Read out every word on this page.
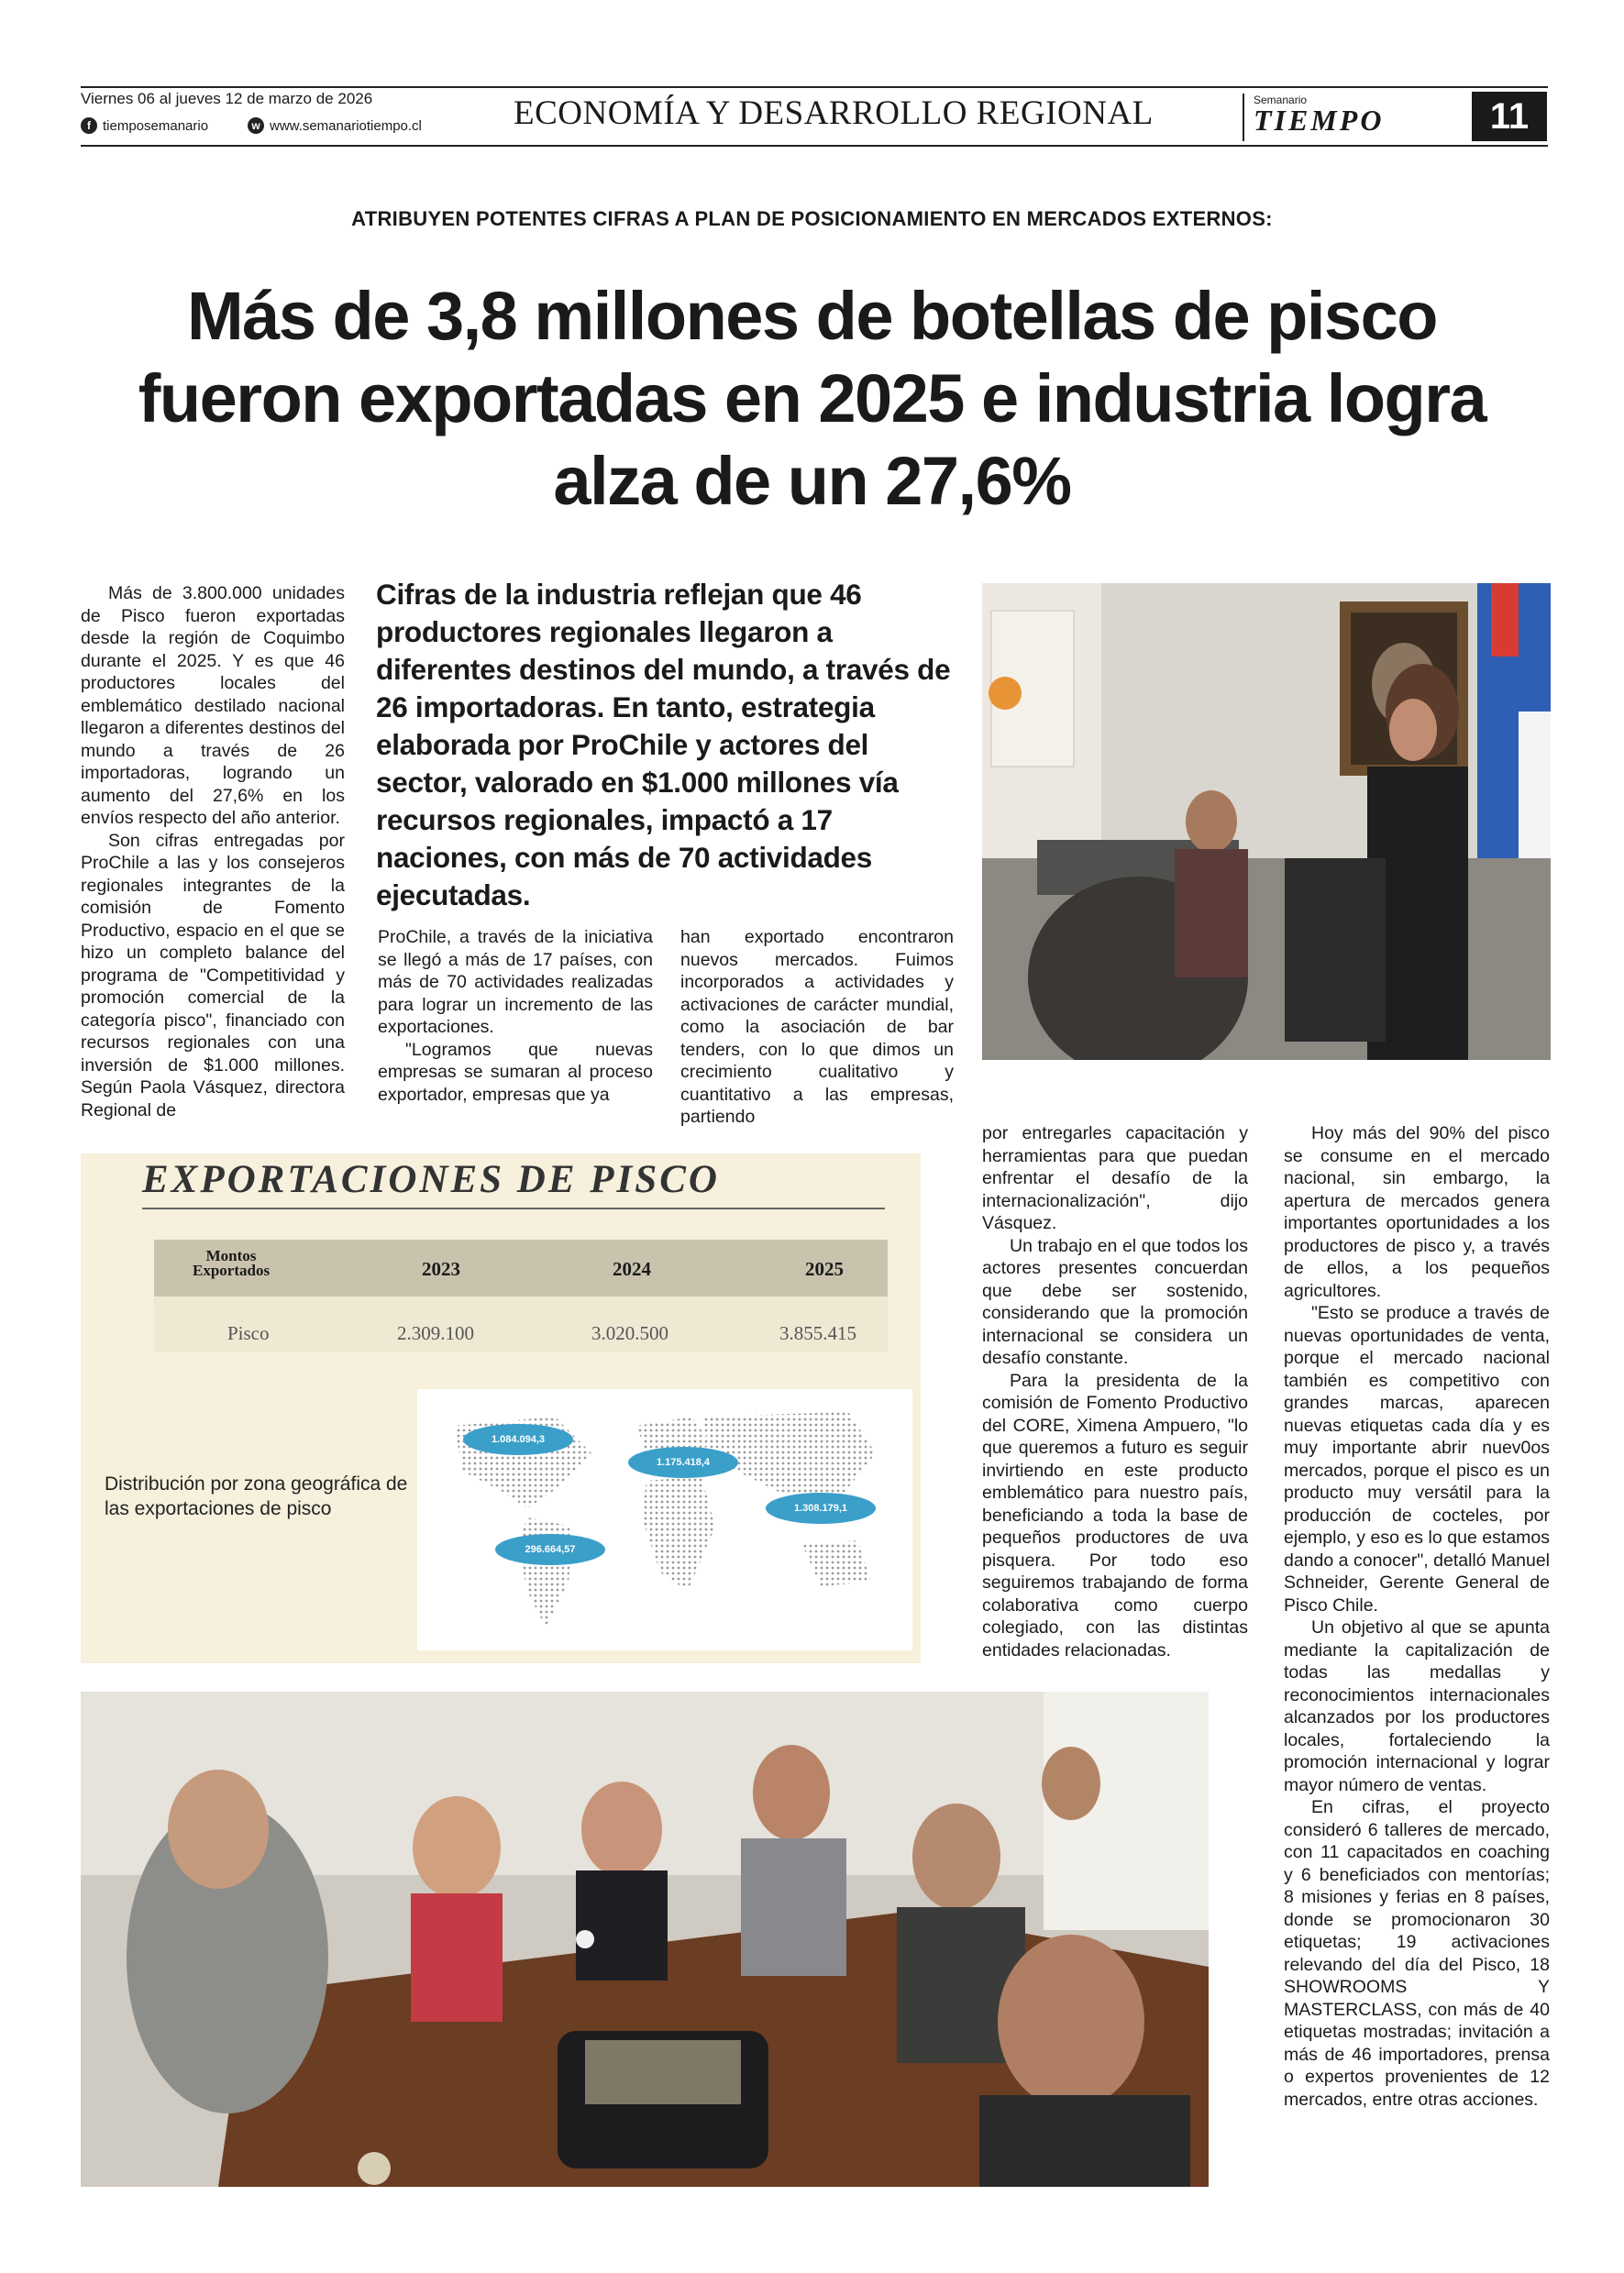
Viernes 06 al jueves 12 de marzo de 2026
f tiemposemanario	w www.semanariotiempo.cl	ECONOMÍA Y DESARROLLO REGIONAL	Semanario
TIEMPO	11
ATRIBUYEN POTENTES CIFRAS A PLAN DE POSICIONAMIENTO EN MERCADOS EXTERNOS:
Más de 3,8 millones de botellas de pisco fueron exportadas en 2025 e industria logra alza de un 27,6%

Más de 3.800.000 unidades de Pisco fueron exportadas desde la región de Coquimbo durante el 2025. Y es que 46 productores locales del emblemático destilado nacional llegaron a diferentes destinos del mundo a través de 26 importadoras, logrando un aumento del 27,6% en los envíos respecto del año anterior.

Son cifras entregadas por ProChile a las y los consejeros regionales integrantes de la comisión de Fomento Productivo, espacio en el que se hizo un completo balance del programa de "Competitividad y promoción comercial de la categoría pisco", financiado con recursos regionales con una inversión de $1.000 millones. Según Paola Vásquez, directora Regional de

Cifras de la industria reflejan que 46 productores regionales llegaron a diferentes destinos del mundo, a través de 26 importadoras. En tanto, estrategia elaborada por ProChile y actores del sector, valorado en $1.000 millones vía recursos regionales, impactó a 17 naciones, con más de 70 actividades ejecutadas.

ProChile, a través de la iniciativa se llegó a más de 17 países, con más de 70 actividades realizadas para lograr un incremento de las exportaciones.

"Logramos que nuevas empresas se sumaran al proceso exportador, empresas que ya

han exportado encontraron nuevos mercados. Fuimos incorporados a actividades y activaciones de carácter mundial, como la asociación de bar tenders, con lo que dimos un crecimiento cualitativo y cuantitativo a las empresas, partiendo

EXPORTACIONES DE PISCO
Montos
Exportados	2023	2024	2025
Pisco	2.309.100	3.020.500	3.855.415
Distribución por zona geográfica de las exportaciones de pisco
1.084.094,3
1.175.418,4
1.308.179,1
296.664,57

por entregarles capacitación y herramientas para que puedan enfrentar el desafío de la internacionalización", dijo Vásquez.

Un trabajo en el que todos los actores presentes concuerdan que debe ser sostenido, considerando que la promoción internacional se considera un desafío constante.

Para la presidenta de la comisión de Fomento Productivo del CORE, Ximena Ampuero, "lo que queremos a futuro es seguir invirtiendo en este producto emblemático para nuestro país, beneficiando a toda la base de pequeños productores de uva pisquera. Por todo eso seguiremos trabajando de forma colaborativa como cuerpo colegiado, con las distintas entidades relacionadas.

Hoy más del 90% del pisco se consume en el mercado nacional, sin embargo, la apertura de mercados genera importantes oportunidades a los productores de pisco y, a través de ellos, a los pequeños agricultores.

"Esto se produce a través de nuevas oportunidades de venta, porque el mercado nacional también es competitivo con grandes marcas, aparecen nuevas etiquetas cada día y es muy importante abrir nuev0os mercados, porque el pisco es un producto muy versátil para la producción de cocteles, por ejemplo, y eso es lo que estamos dando a conocer", detalló Manuel Schneider, Gerente General de Pisco Chile.

Un objetivo al que se apunta mediante la capitalización de todas las medallas y reconocimientos internacionales alcanzados por los productores locales, fortaleciendo la promoción internacional y lograr mayor número de ventas.

En cifras, el proyecto consideró 6 talleres de mercado, con 11 capacitados en coaching y 6 beneficiados con mentorías; 8 misiones y ferias en 8 países, donde se promocionaron 30 etiquetas; 19 activaciones relevando del día del Pisco, 18 SHOWROOMS Y MASTERCLASS, con más de 40 etiquetas mostradas; invitación a más de 46 importadores, prensa o expertos provenientes de 12 mercados, entre otras acciones.
